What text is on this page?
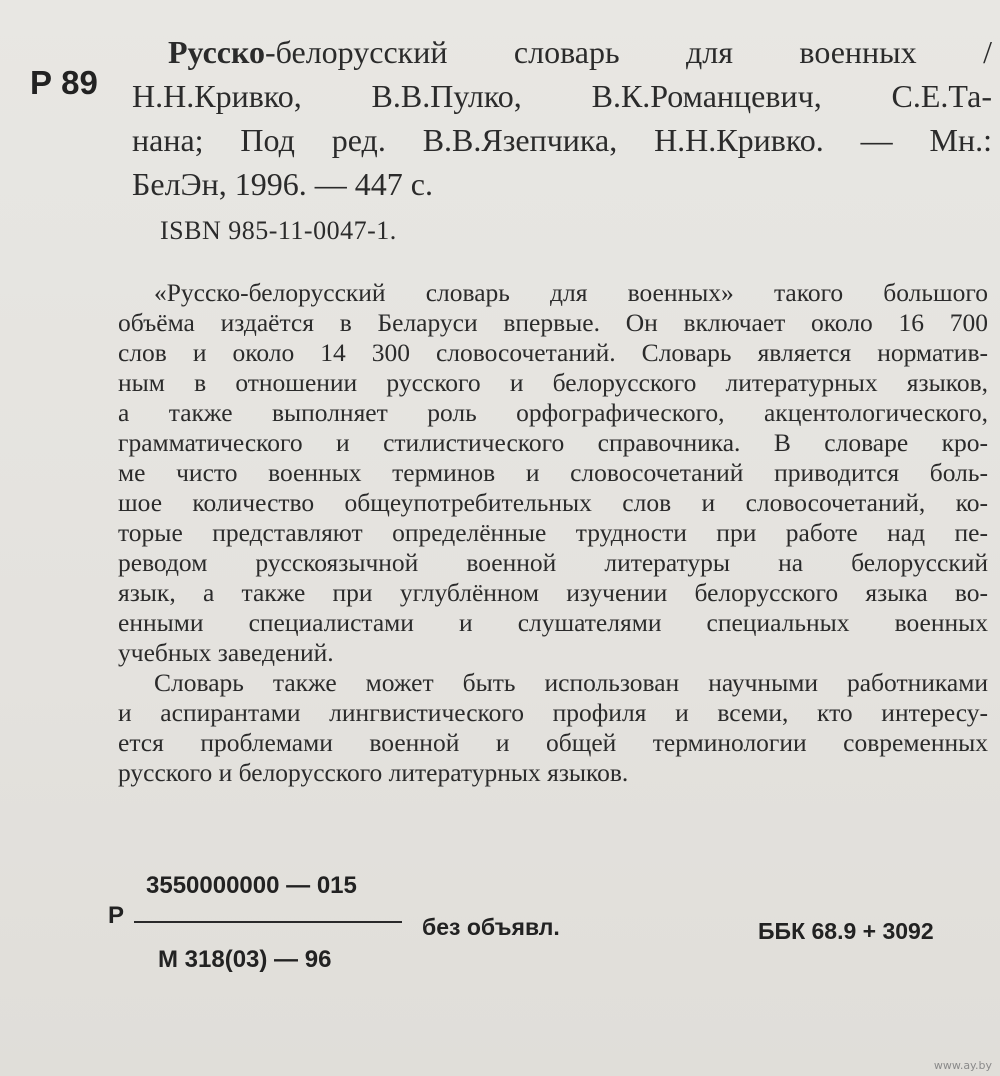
Р 89
Русско-белорусский словарь для военных /
Н.Н.Кривко, В.В.Пулко, В.К.Романцевич, С.Е.Та-
нана; Под ред. В.В.Язепчика, Н.Н.Кривко. — Мн.:
БелЭн, 1996. — 447 с.
ISBN 985-11-0047-1.
«Русско-белорусский словарь для военных» такого большого
объёма издаётся в Беларуси впервые. Он включает около 16 700
слов и около 14 300 словосочетаний. Словарь является норматив-
ным в отношении русского и белорусского литературных языков,
а также выполняет роль орфографического, акцентологического,
грамматического и стилистического справочника. В словаре кро-
ме чисто военных терминов и словосочетаний приводится боль-
шое количество общеупотребительных слов и словосочетаний, ко-
торые представляют определённые трудности при работе над пе-
реводом русскоязычной военной литературы на белорусский
язык, а также при углублённом изучении белорусского языка во-
енными специалистами и слушателями специальных военных
учебных заведений.
Словарь также может быть использован научными работниками
и аспирантами лингвистического профиля и всеми, кто интересу-
ется проблемами военной и общей терминологии современных
русского и белорусского литературных языков.
3550000000 — 015
Р
М 318(03) — 96
без объявл.	ББК 68.9 + 3092
www.ay.by
